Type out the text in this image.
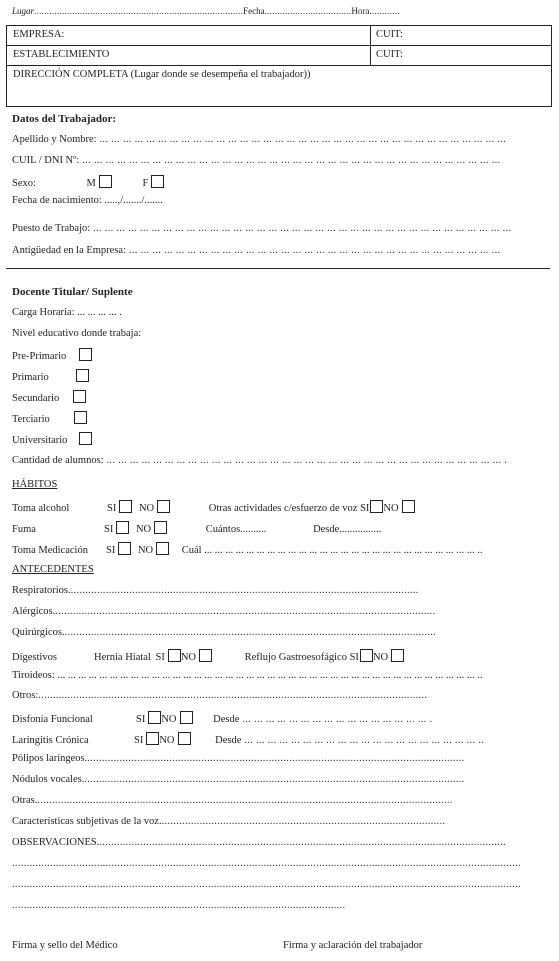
Lugar..................................................................................Fecha..................................Hora............
EMPRESA:	CUIT:
ESTABLECIMIENTO	CUIT:
DIRECCIÓN COMPLETA (Lugar donde se desempeña el trabajador))
Datos del Trabajador:
Apellido y Nombre: ... ... ... ... ... ... ... ... ... ... ... ... ... ... ... ... ... ... ... ... ... ... ... ... ... ... ... ... ... ... ... ... ... ... ...
CUIL / DNI Nº: ... ... ... ... ... ... ... ... ... ... ... ... ... ... ... ... ... ... ... ... ... ... ... ... ... ... ... ... ... ... ... ... ... ... ... ...
Sexo:	M	F
Fecha de nacimiento: .....,/......./.......
Puesto de Trabajo: ... ... ... ... ... ... ... ... ... ... ... ... ... ... ... ... ... ... ... ... ... ... ... ... ... ... ... ... ... ... ... ... ... ... ... ...
Antigüedad en la Empresa: ... ... ... ... ... ... ... ... ... ... ... ... ... ... ... ... ... ... ... ... ... ... ... ... ... ... ... ... ... ... ... ...
Docente Titular/ Suplente
Carga Horaria: ... ... ... ... .
Nivel educativo donde trabaja:
Pre-Primario
Primario
Secundario
Terciario
Universitario
Cantidad de alumnos: ... ... ... ... ... ... ... ... ... ... ... ... ... ... ... ... ... ... ... ... ... ... ... ... ... ... ... ... ... ... ... ... ... ... .
HÁBITOS
Toma alcohol	SI NO	Otras actividades c/esfuerzo de voz SI NO
Fuma	SI NO	Cuántos..........	Desde................
Toma Medicación SI NO	Cuál ... ... ... ... ... ... ... ... ... ... ... ... ... ... ... ... ... ... ... ... ... ... ... ... ... ... ..
ANTECEDENTES
Respiratorios........................................................................................................................
Alérgicos...................................................................................................................................
Quirúrgicos................................................................................................................................
Digestivos	Hernia Hiatal SI NO	Reflujo Gastroesofágico SI NO
Tiroideos: ... ... ... ... ... ... ... ... ... ... ... ... ... ... ... ... ... ... ... ... ... ... ... ... ... ... ... ... ... ... ... ... ... ... ... ... ... ... ... ... ..
Otros:.....................................................................................................................................
Disfonía Funcional	SI NO	Desde ... ... ... ... ... ... ... ... ... ... ... ... ... ... ... ... .
Laringitis Crónica	SI NO	Desde ... ... ... ... ... ... ... ... ... ... ... ... ... ... ... ... ... ... ... ... ..
Pólipos laríngeos..................................................................................................................................
Nódulos vocales...................................................................................................................................
Otras...............................................................................................................................................
Características subjetivas de la voz..................................................................................................
OBSERVACIONES............................................................................................................................................
..............................................................................................................................................................................
..............................................................................................................................................................................
..................................................................................................................
Firma y sello del Médico	Firma y aclaración del trabajador
